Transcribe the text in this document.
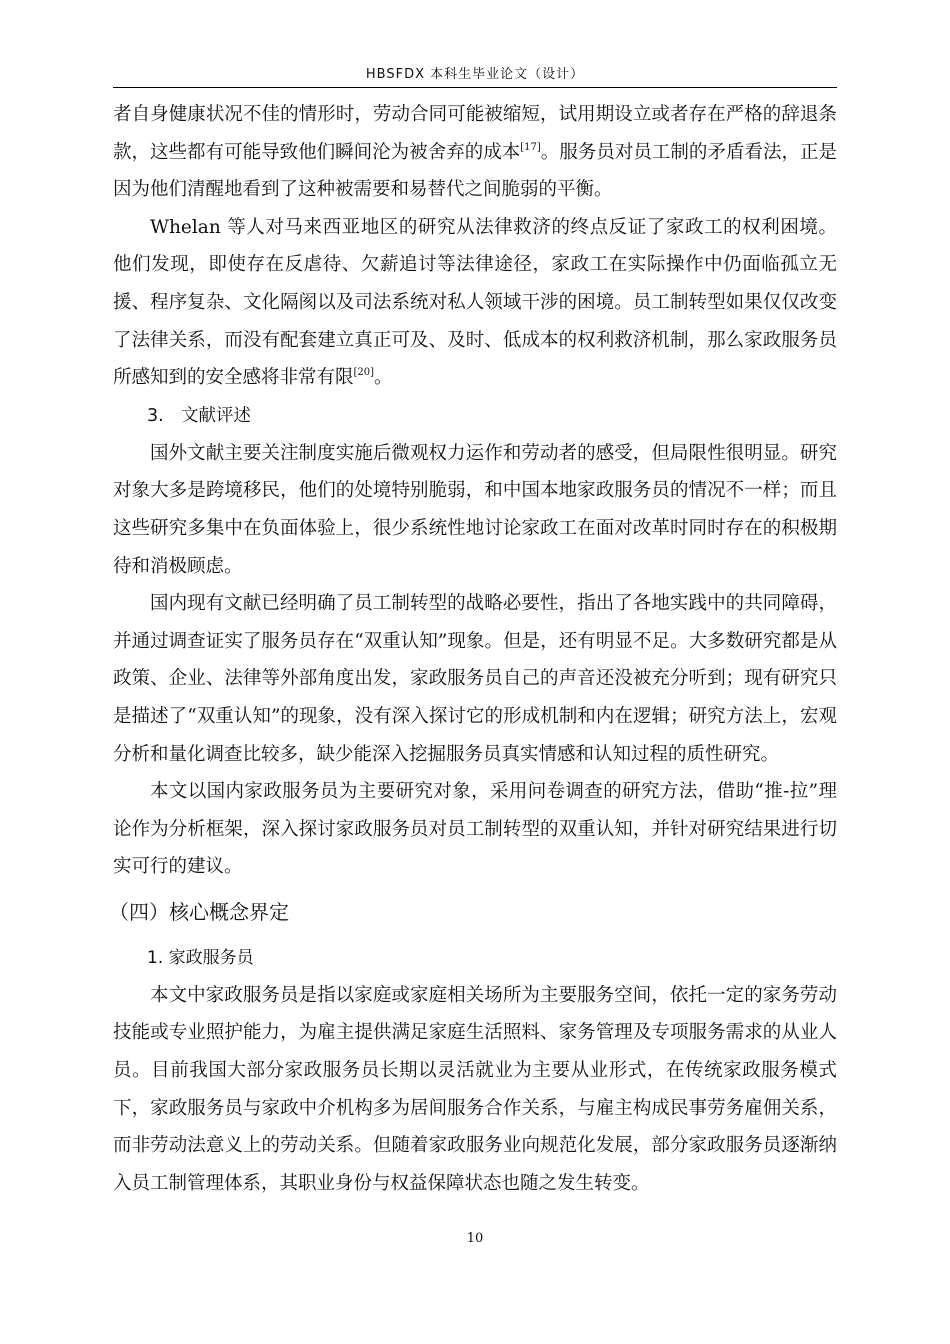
HBSFDX 本科生毕业论文（设计）

者自身健康状况不佳的情形时，劳动合同可能被缩短，试用期设立或者存在严格的辞退条款，这些都有可能导致他们瞬间沦为被舍弃的成本[17]。服务员对员工制的矛盾看法，正是因为他们清醒地看到了这种被需要和易替代之间脆弱的平衡。

Whelan 等人对马来西亚地区的研究从法律救济的终点反证了家政工的权利困境。他们发现，即使存在反虐待、欠薪追讨等法律途径，家政工在实际操作中仍面临孤立无援、程序复杂、文化隔阂以及司法系统对私人领域干涉的困境。员工制转型如果仅仅改变了法律关系，而没有配套建立真正可及、及时、低成本的权利救济机制，那么家政服务员所感知到的安全感将非常有限[20]。

3. 文献评述

国外文献主要关注制度实施后微观权力运作和劳动者的感受，但局限性很明显。研究对象大多是跨境移民，他们的处境特别脆弱，和中国本地家政服务员的情况不一样；而且这些研究多集中在负面体验上，很少系统性地讨论家政工在面对改革时同时存在的积极期待和消极顾虑。

国内现有文献已经明确了员工制转型的战略必要性，指出了各地实践中的共同障碍，并通过调查证实了服务员存在“双重认知”现象。但是，还有明显不足。大多数研究都是从政策、企业、法律等外部角度出发，家政服务员自己的声音还没被充分听到；现有研究只是描述了“双重认知”的现象，没有深入探讨它的形成机制和内在逻辑；研究方法上，宏观分析和量化调查比较多，缺少能深入挖掘服务员真实情感和认知过程的质性研究。

本文以国内家政服务员为主要研究对象，采用问卷调查的研究方法，借助“推-拉”理论作为分析框架，深入探讨家政服务员对员工制转型的双重认知，并针对研究结果进行切实可行的建议。

（四）核心概念界定

1. 家政服务员

本文中家政服务员是指以家庭或家庭相关场所为主要服务空间，依托一定的家务劳动技能或专业照护能力，为雇主提供满足家庭生活照料、家务管理及专项服务需求的从业人员。目前我国大部分家政服务员长期以灵活就业为主要从业形式，在传统家政服务模式下，家政服务员与家政中介机构多为居间服务合作关系，与雇主构成民事劳务雇佣关系，而非劳动法意义上的劳动关系。但随着家政服务业向规范化发展，部分家政服务员逐渐纳入员工制管理体系，其职业身份与权益保障状态也随之发生转变。

10
